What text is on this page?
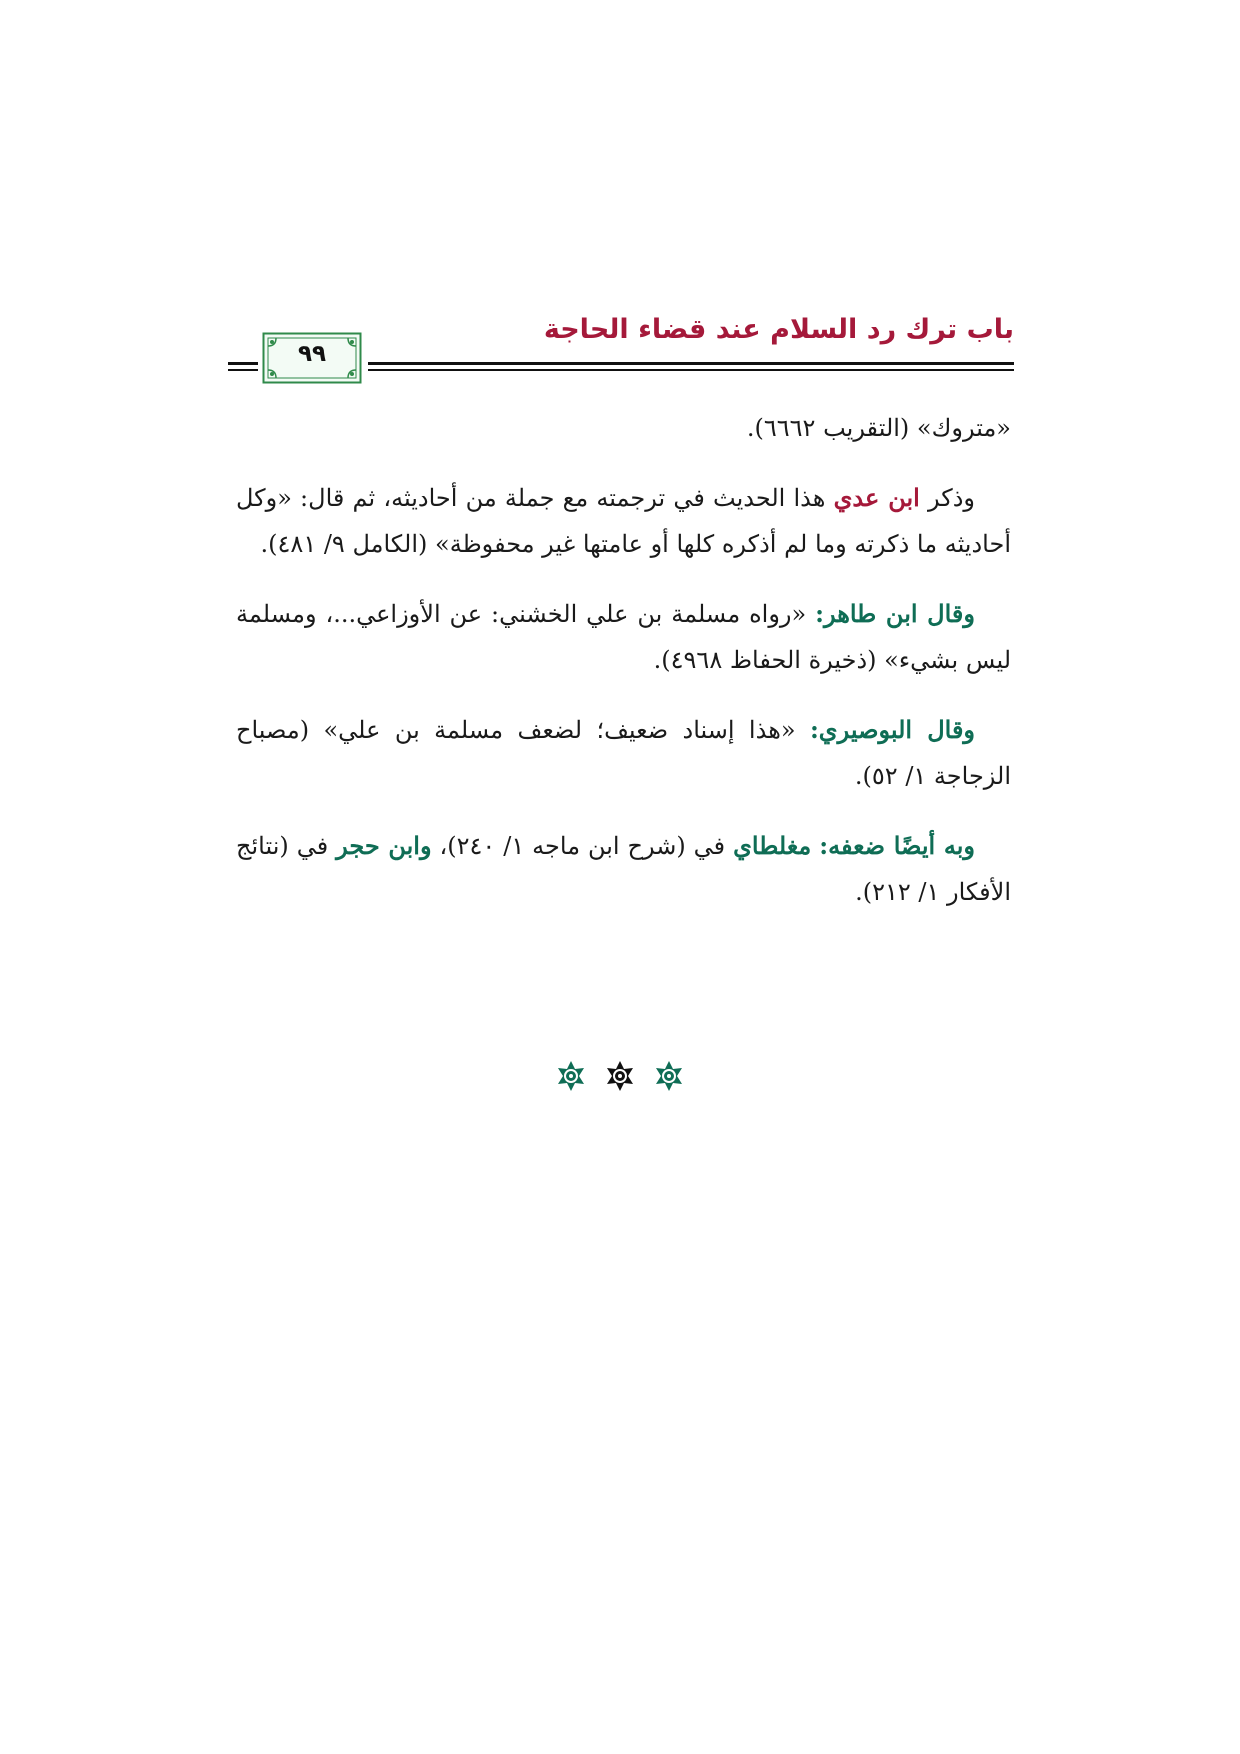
باب ترك رد السلام عند قضاء الحاجة
٩٩

«متروك» (التقريب ٦٦٦٢).

وذكر ابن عدي هذا الحديث في ترجمته مع جملة من أحاديثه، ثم قال: «وكل أحاديثه ما ذكرته وما لم أذكره كلها أو عامتها غير محفوظة» (الكامل ٩/ ٤٨١).

وقال ابن طاهر: «رواه مسلمة بن علي الخشني: عن الأوزاعي...، ومسلمة ليس بشيء» (ذخيرة الحفاظ ٤٩٦٨).

وقال البوصيري: «هذا إسناد ضعيف؛ لضعف مسلمة بن علي» (مصباح الزجاجة ١/ ٥٢).

وبه أيضًا ضعفه: مغلطاي في (شرح ابن ماجه ١/ ٢٤٠)، وابن حجر في (نتائج الأفكار ١/ ٢١٢).
